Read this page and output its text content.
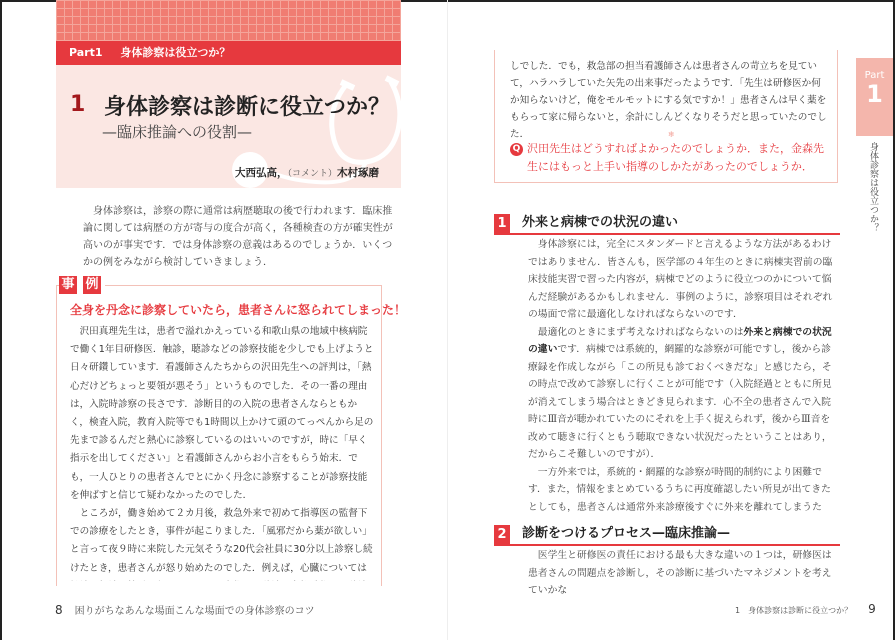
Part1 身体診察は役立つか？
1 身体診察は診断に役立つか？
—臨床推論への役割—
大西弘高，（コメント）木村琢磨
身体診察は，診察の際に通常は病歴聴取の後で行われます．臨床推論に関しては病歴の方が寄与の度合が高く，各種検査の方が確実性が高いのが事実です．では身体診察の意義はあるのでしょうか．いくつかの例をみながら検討していきましょう．
事 例
全身を丹念に診察していたら，患者さんに怒られてしまった！

沢田真理先生は，患者で溢れかえっている和歌山県の地域中核病院で働く1年目研修医．触診，聴診などの診察技能を少しでも上げようと日々研鑽しています．看護師さんたちからの沢田先生への評判は，「熱心だけどちょっと要領が悪そう」というものでした．その一番の理由は，入院時診察の長さです．診断目的の入院の患者さんならともかく，検査入院，教育入院等でも1時間以上かけて頭のてっぺんから足の先まで診るんだと熱心に診察しているのはいいのですが，時に「早く指示を出してください」と看護師さんからお小言をもらう始末．でも，一人ひとりの患者さんでとにかく丹念に診察することが診察技能を伸ばすと信じて疑わなかったのでした．

ところが，働き始めて２カ月後，救急外来で初めて指導医の監督下での診療をしたとき，事件が起こりました．「風邪だから薬が欲しい」と言って夜９時に来院した元気そうな20代会社員に30分以上診察し続けたとき，患者さんが怒り始めたのでした．例えば，心臓については

しでした．でも，救急部の担当看護師さんは患者さんの苛立ちを見ていて，ハラハラしていた矢先の出来事だったようです．「先生は研修医か何か知らないけど，俺をモルモットにする気ですか！」患者さんは早く薬をもらって家に帰らないと，余計にしんどくなりそうだと思っていたのでした．	❄
Q 沢田先生はどうすればよかったのでしょうか．また，金森先生にはもっと上手い指導のしかたがあったのでしょうか．
Part
1
身体診察は役立つか？
1 外来と病棟での状況の違い

身体診察には，完全にスタンダードと言えるような方法があるわけではありません．皆さんも，医学部の４年生のときに病棟実習前の臨床技能実習で習った内容が，病棟でどのように役立つのかについて悩んだ経験があるかもしれません．事例のように，診察項目はそれぞれの場面で常に最適化しなければならないのです．

最適化のときにまず考えなければならないのは外来と病棟での状況の違いです．病棟では系統的，網羅的な診察が可能ですし，後から診療録を作成しながら「この所見も診ておくべきだな」と感じたら，その時点で改めて診察しに行くことが可能です（入院経過とともに所見が消えてしまう場合はときどき見られます．心不全の患者さんで入院時にⅢ音が聴かれていたのにそれを上手く捉えられず，後からⅢ音を改めて聴きに行くともう聴取できない状況だったということはあり，だからこそ難しいのですが）．

一方外来では，系統的・網羅的な診察が時間的制約により困難です．また，情報をまとめているうちに再度確認したい所見が出てきたとしても，患者さんは通常外来診療後すぐに外来を離れてしまうた

2 診断をつけるプロセス—臨床推論—

医学生と研修医の責任における最も大きな違いの１つは，研修医は患者さんの問題点を診断し，その診断に基づいたマネジメントを考えていかな

8 困りがちなあんな場面こんな場面での身体診察のコツ	1　身体診察は診断に役立つか？ 9
